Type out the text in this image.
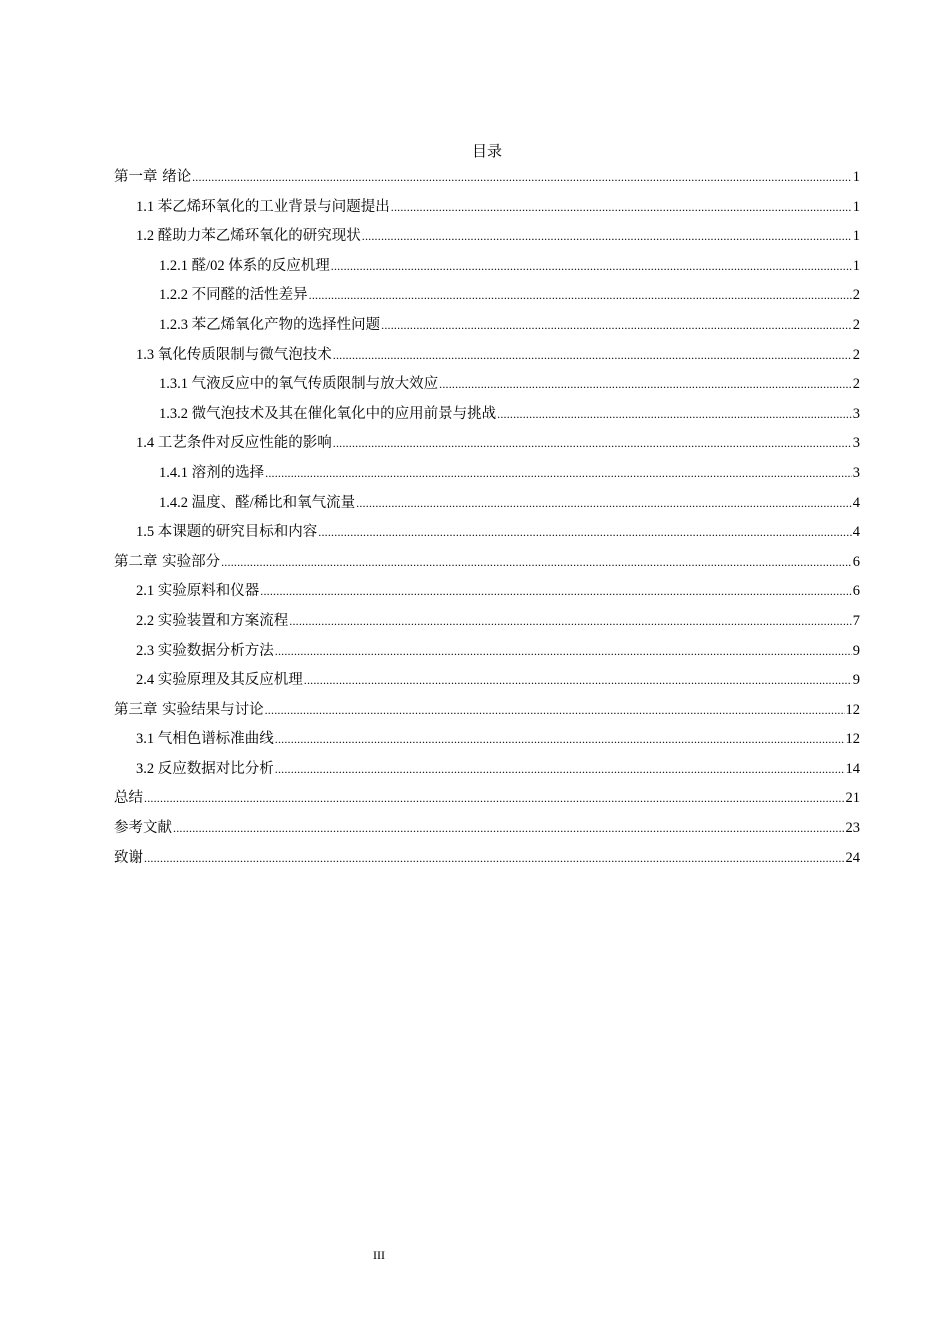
目录
第一章 绪论 .....	1
1.1 苯乙烯环氧化的工业背景与问题提出 .....	1
1.2 醛助力苯乙烯环氧化的研究现状 .....	1
1.2.1 醛/02 体系的反应机理 .....	1
1.2.2 不同醛的活性差异 .....	2
1.2.3 苯乙烯氧化产物的选择性问题 .....	2
1.3 氧化传质限制与微气泡技术 .....	2
1.3.1 气液反应中的氧气传质限制与放大效应 .....	2
1.3.2 微气泡技术及其在催化氧化中的应用前景与挑战 .....	3
1.4 工艺条件对反应性能的影响 .....	3
1.4.1 溶剂的选择 .....	3
1.4.2 温度、醛/稀比和氧气流量 .....	4
1.5 本课题的研究目标和内容 .....	4
第二章 实验部分 .....	6
2.1 实验原料和仪器 .....	6
2.2 实验装置和方案流程 .....	7
2.3 实验数据分析方法 .....	9
2.4 实验原理及其反应机理 .....	9
第三章 实验结果与讨论 .....	12
3.1 气相色谱标准曲线 .....	12
3.2 反应数据对比分析 .....	14
总结 .....	21
参考文献 .....	23
致谢 .....	24
III
